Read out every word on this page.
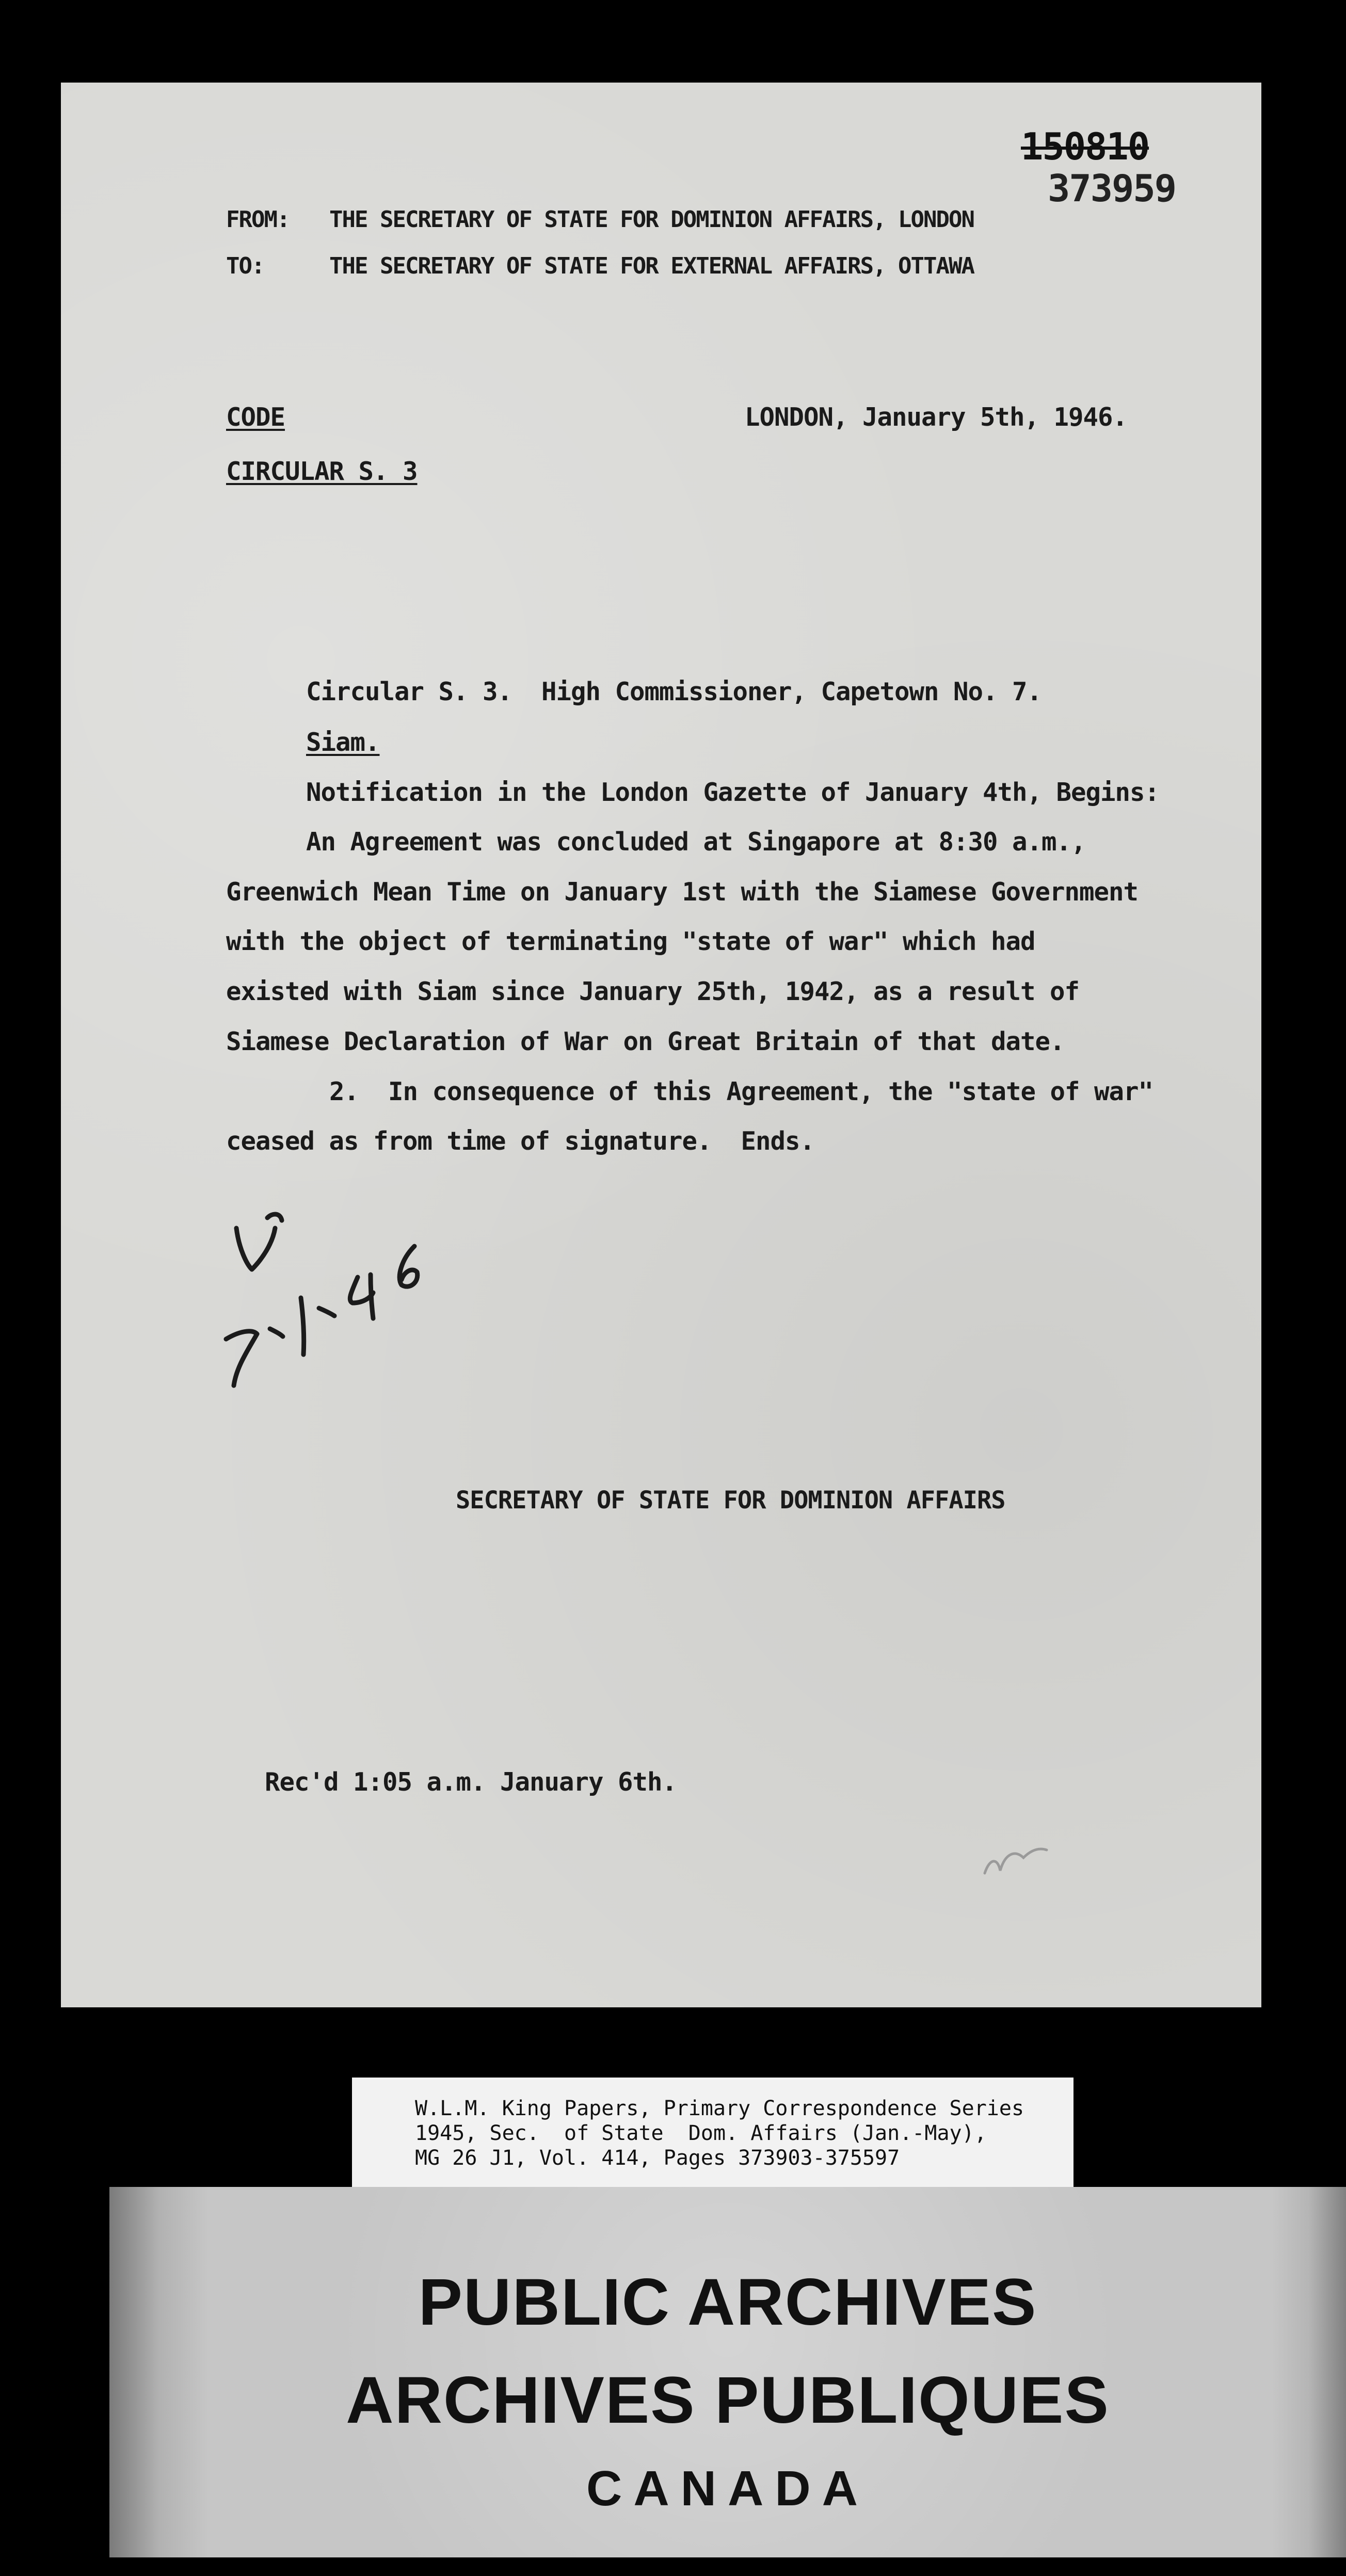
150810
373959
FROM: THE SECRETARY OF STATE FOR DOMINION AFFAIRS, LONDON
TO:	THE SECRETARY OF STATE FOR EXTERNAL AFFAIRS, OTTAWA
CODE	LONDON, January 5th, 1946.
CIRCULAR S. 3
Circular S. 3.  High Commissioner, Capetown No. 7.
Siam.
Notification in the London Gazette of January 4th, Begins:
An Agreement was concluded at Singapore at 8:30 a.m.,
Greenwich Mean Time on January 1st with the Siamese Government
with the object of terminating "state of war" which had
existed with Siam since January 25th, 1942, as a result of
Siamese Declaration of War on Great Britain of that date.
2.  In consequence of this Agreement, the "state of war"
ceased as from time of signature.  Ends.
SECRETARY OF STATE FOR DOMINION AFFAIRS
Rec'd 1:05 a.m. January 6th.
W.L.M. King Papers, Primary Correspondence Series
1945, Sec.  of State  Dom. Affairs (Jan.-May),
MG 26 J1, Vol. 414, Pages 373903-375597
PUBLIC ARCHIVES
ARCHIVES PUBLIQUES
CANADA
